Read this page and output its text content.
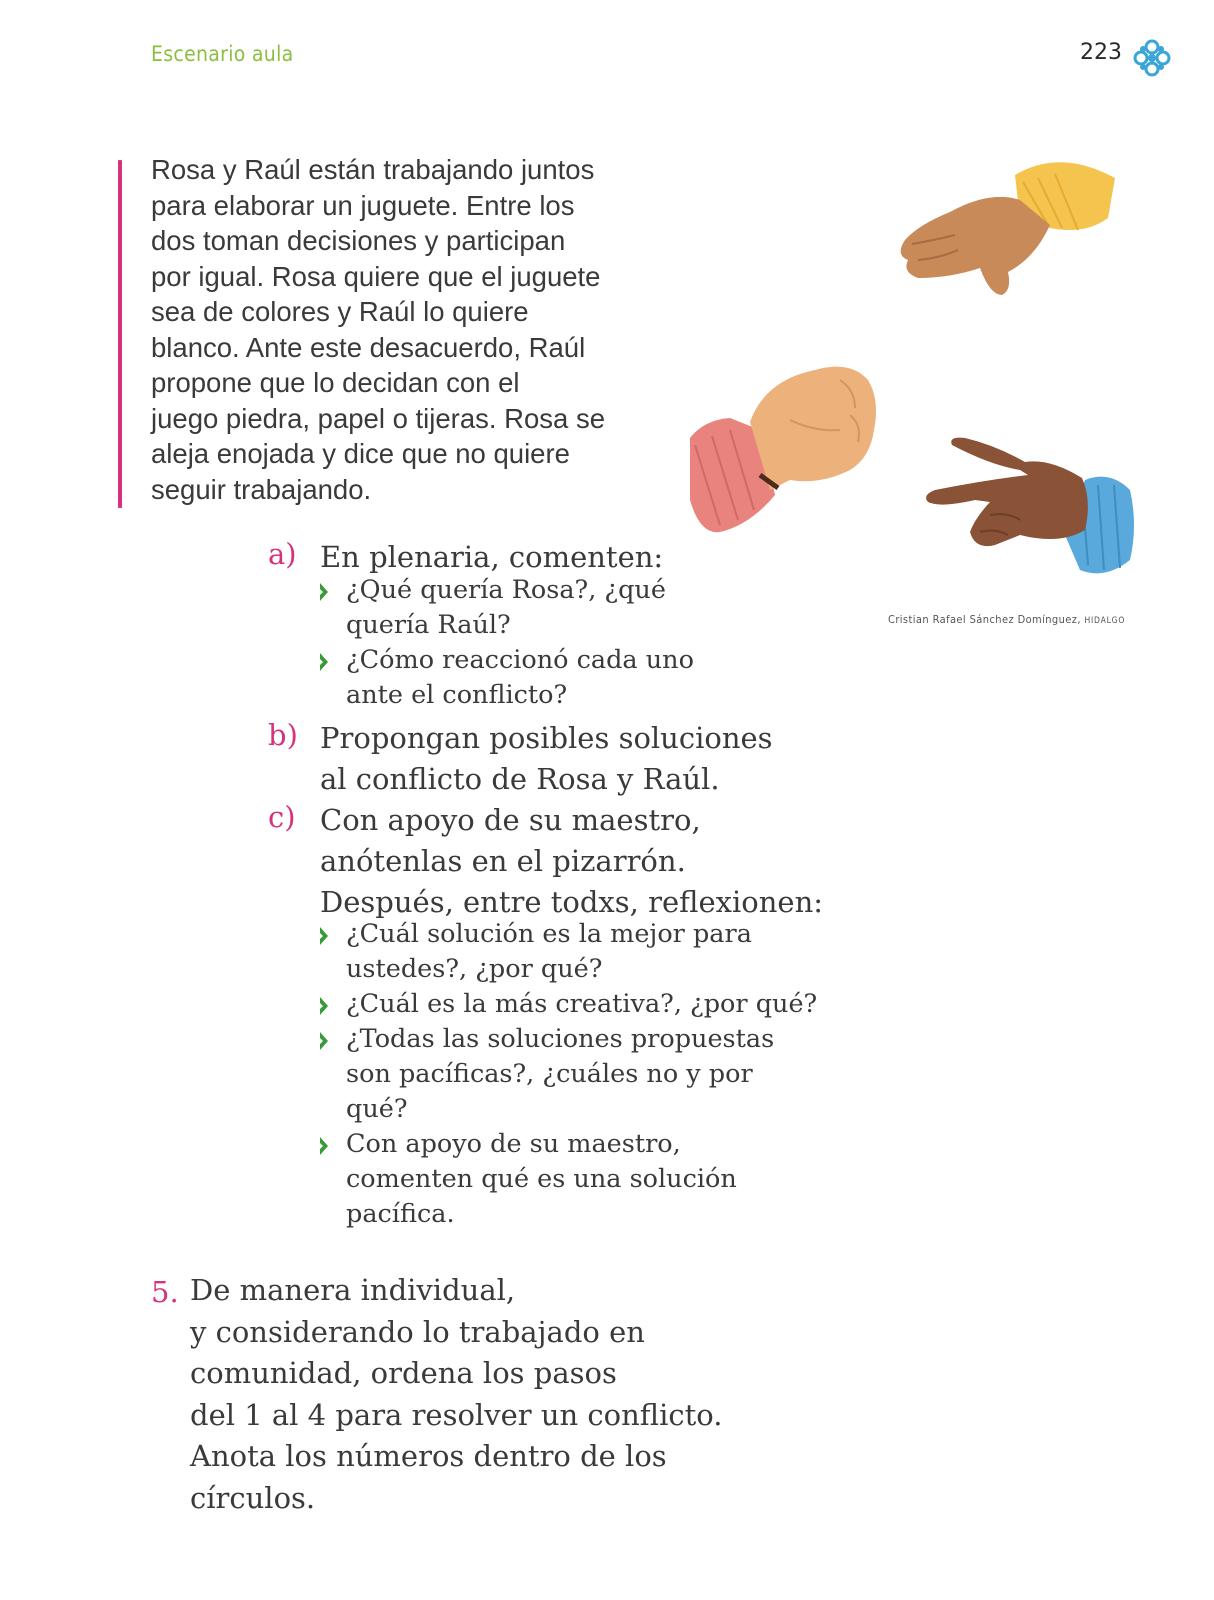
Escenario aula	223
Rosa y Raúl están trabajando juntos
para elaborar un juguete. Entre los
dos toman decisiones y participan
por igual. Rosa quiere que el juguete
sea de colores y Raúl lo quiere
blanco. Ante este desacuerdo, Raúl
propone que lo decidan con el
juego piedra, papel o tijeras. Rosa se
aleja enojada y dice que no quiere
seguir trabajando.
Cristian Rafael Sánchez Domínguez, HIDALGO
a) En plenaria, comenten:
¿Qué quería Rosa?, ¿qué
quería Raúl?
¿Cómo reaccionó cada uno
ante el conflicto?
b) Propongan posibles soluciones
al conflicto de Rosa y Raúl.
c) Con apoyo de su maestro,
anótenlas en el pizarrón.
Después, entre todxs, reflexionen:
¿Cuál solución es la mejor para
ustedes?, ¿por qué?
¿Cuál es la más creativa?, ¿por qué?
¿Todas las soluciones propuestas
son pacíficas?, ¿cuáles no y por
qué?
Con apoyo de su maestro,
comenten qué es una solución
pacífica.
5. De manera individual,
y considerando lo trabajado en
comunidad, ordena los pasos
del 1 al 4 para resolver un conflicto.
Anota los números dentro de los
círculos.
